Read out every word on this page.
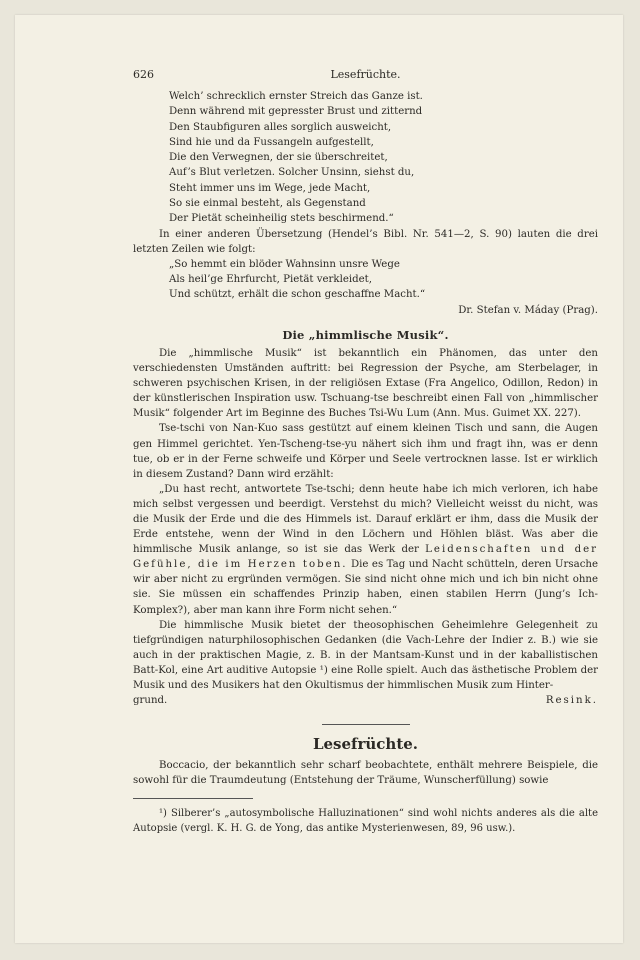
626	Lesefrüchte.
Welch’ schrecklich ernster Streich das Ganze ist.
Denn während mit gepresster Brust und zitternd
Den Staubfiguren alles sorglich ausweicht,
Sind hie und da Fussangeln aufgestellt,
Die den Verwegnen, der sie überschreitet,
Auf’s Blut verletzen. Solcher Unsinn, siehst du,
Steht immer uns im Wege, jede Macht,
So sie einmal besteht, als Gegenstand
Der Pietät scheinheilig stets beschirmend.“

In einer anderen Übersetzung (Hendel’s Bibl. Nr. 541—2, S. 90) lauten die drei letzten Zeilen wie folgt:

„So hemmt ein blöder Wahnsinn unsre Wege
Als heil’ge Ehrfurcht, Pietät verkleidet,
Und schützt, erhält die schon geschaffne Macht.“
Dr. Stefan v. Máday (Prag).
Die „himmlische Musik“.

Die „himmlische Musik“ ist bekanntlich ein Phänomen, das unter den verschiedensten Umständen auftritt: bei Regression der Psyche, am Sterbelager, in schweren psychischen Krisen, in der religiösen Extase (Fra Angelico, Odillon, Redon) in der künstlerischen Inspiration usw. Tschuang-tse beschreibt einen Fall von „himmlischer Musik“ folgender Art im Beginne des Buches Tsi-Wu Lum (Ann. Mus. Guimet XX. 227).

Tse-tschi von Nan-Kuo sass gestützt auf einem kleinen Tisch und sann, die Augen gen Himmel gerichtet. Yen-Tscheng-tse-yu nähert sich ihm und fragt ihn, was er denn tue, ob er in der Ferne schweife und Körper und Seele vertrocknen lasse. Ist er wirklich in diesem Zustand? Dann wird erzählt:

„Du hast recht, antwortete Tse-tschi; denn heute habe ich mich verloren, ich habe mich selbst vergessen und beerdigt. Verstehst du mich? Vielleicht weisst du nicht, was die Musik der Erde und die des Himmels ist. Darauf erklärt er ihm, dass die Musik der Erde entstehe, wenn der Wind in den Löchern und Höhlen bläst. Was aber die himmlische Musik anlange, so ist sie das Werk der Leidenschaften und der Gefühle, die im Herzen toben. Die es Tag und Nacht schütteln, deren Ursache wir aber nicht zu ergründen vermögen. Sie sind nicht ohne mich und ich bin nicht ohne sie. Sie müssen ein schaffendes Prinzip haben, einen stabilen Herrn (Jung’s Ich-Komplex?), aber man kann ihre Form nicht sehen.“

Die himmlische Musik bietet der theosophischen Geheimlehre Gelegenheit zu tiefgründigen naturphilosophischen Gedanken (die Vach-Lehre der Indier z. B.) wie sie auch in der praktischen Magie, z. B. in der Mantsam-Kunst und in der kaballistischen Batt-Kol, eine Art auditive Autopsie ¹) eine Rolle spielt. Auch das ästhetische Problem der Musik und des Musikers hat den Okultismus der himmlischen Musik zum Hinter-

grund.	Resink.
Lesefrüchte.

Boccacio, der bekanntlich sehr scharf beobachtete, enthält mehrere Beispiele, die sowohl für die Traumdeutung (Entstehung der Träume, Wunscherfüllung) sowie

¹) Silberer’s „autosymbolische Halluzinationen“ sind wohl nichts anderes als die alte Autopsie (vergl. K. H. G. de Yong, das antike Mysterienwesen, 89, 96 usw.).
